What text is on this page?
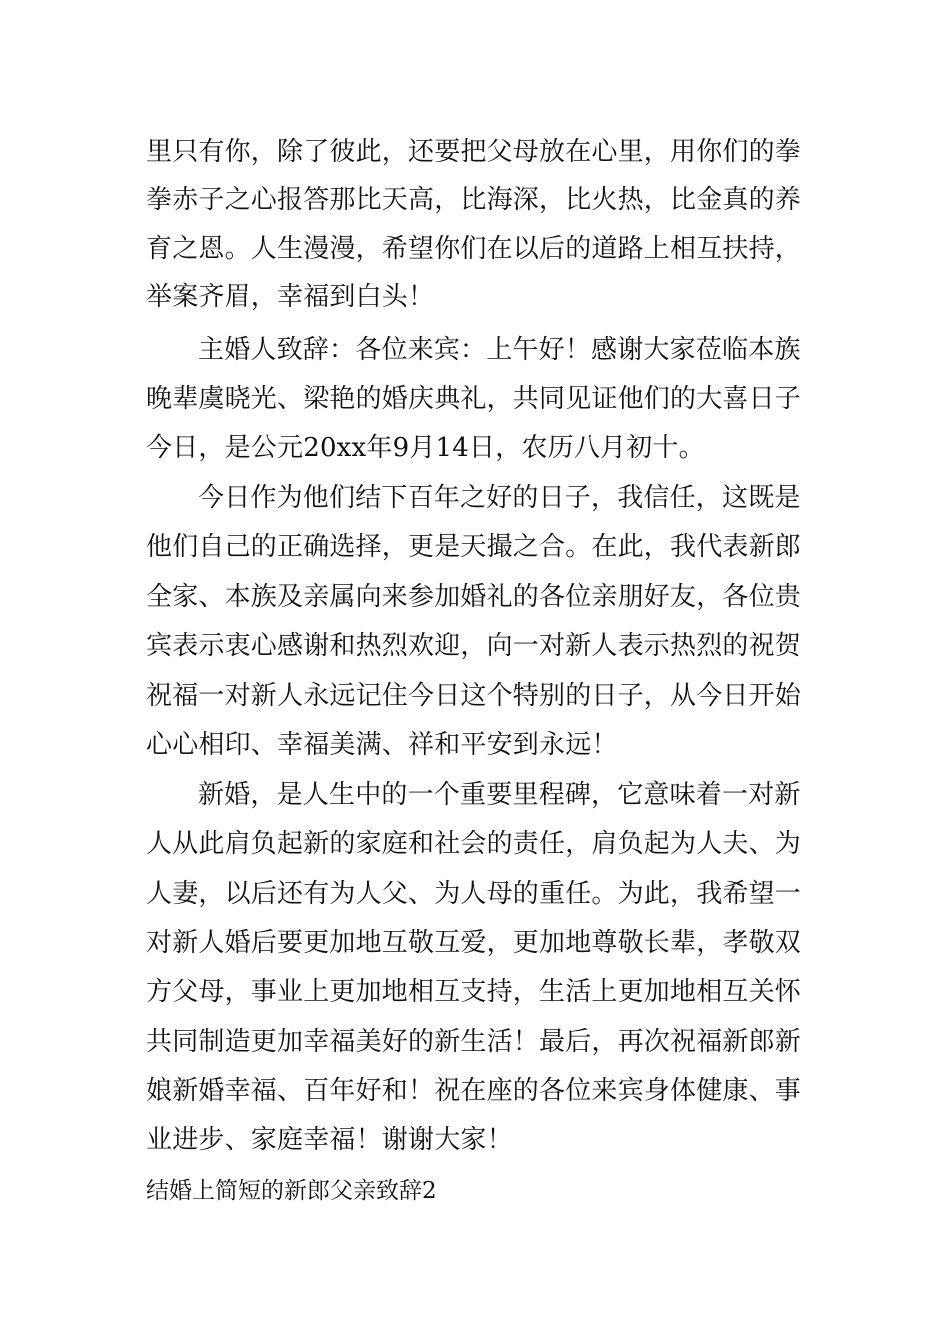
里只有你，除了彼此，还要把父母放在心里，用你们的拳
拳赤子之心报答那比天高，比海深，比火热，比金真的养
育之恩。人生漫漫，希望你们在以后的道路上相互扶持，
举案齐眉，幸福到白头！
主婚人致辞：各位来宾：上午好！感谢大家莅临本族
晚辈虞晓光、梁艳的婚庆典礼，共同见证他们的大喜日子
今日，是公元20xx年9月14日，农历八月初十。
今日作为他们结下百年之好的日子，我信任，这既是
他们自己的正确选择，更是天撮之合。在此，我代表新郎
全家、本族及亲属向来参加婚礼的各位亲朋好友，各位贵
宾表示衷心感谢和热烈欢迎，向一对新人表示热烈的祝贺
祝福一对新人永远记住今日这个特别的日子，从今日开始
心心相印、幸福美满、祥和平安到永远！
新婚，是人生中的一个重要里程碑，它意味着一对新
人从此肩负起新的家庭和社会的责任，肩负起为人夫、为
人妻，以后还有为人父、为人母的重任。为此，我希望一
对新人婚后要更加地互敬互爱，更加地尊敬长辈，孝敬双
方父母，事业上更加地相互支持，生活上更加地相互关怀
共同制造更加幸福美好的新生活！最后，再次祝福新郎新
娘新婚幸福、百年好和！祝在座的各位来宾身体健康、事
业进步、家庭幸福！谢谢大家！
结婚上简短的新郎父亲致辞2
